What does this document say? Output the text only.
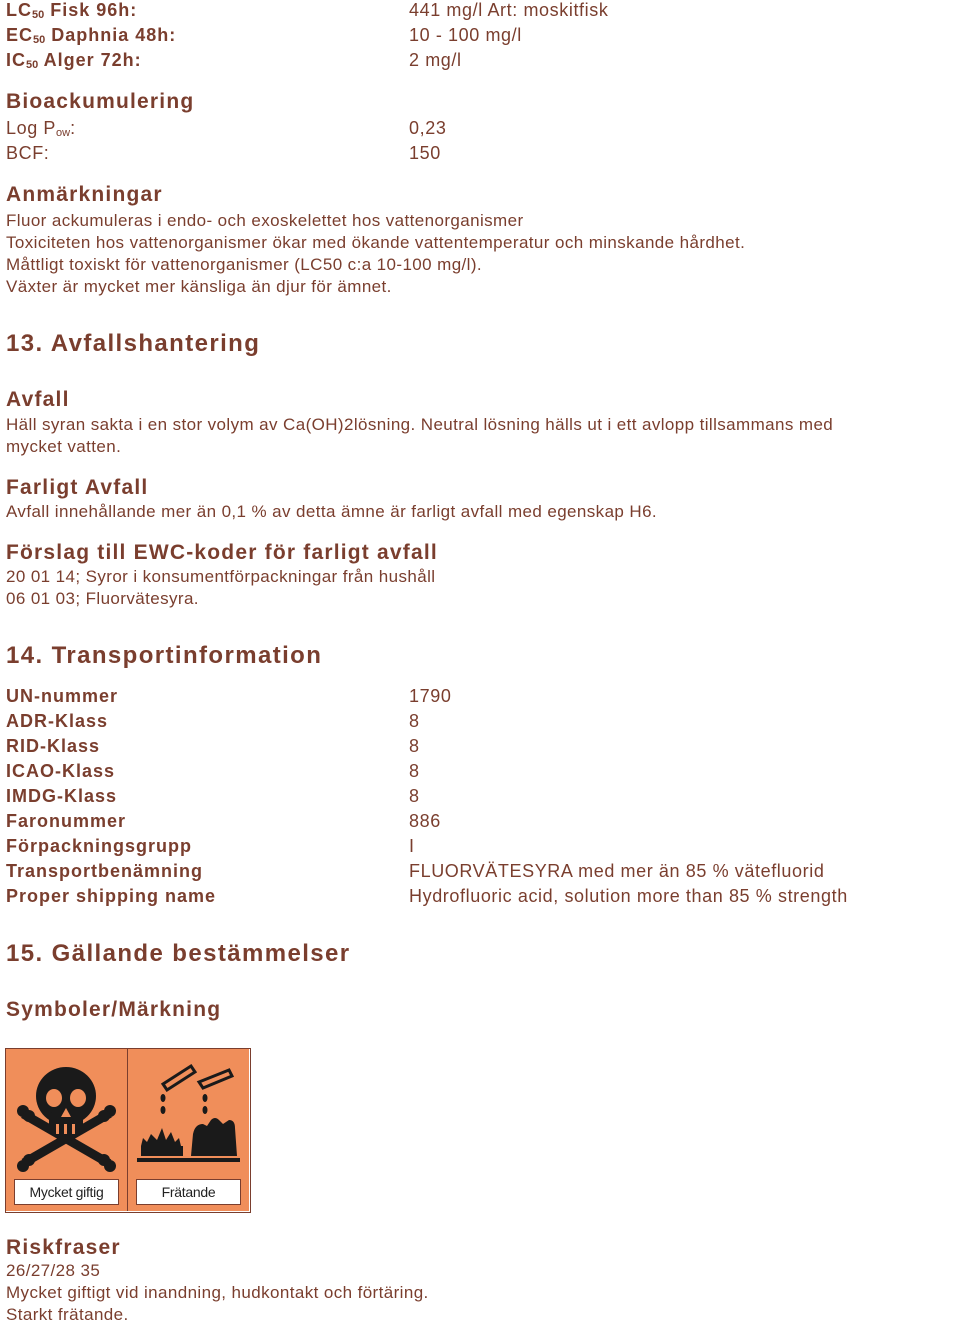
$LC_{50}$ Fisk 96h:	441 mg/l Art: moskitfisk
$EC_{50}$ Daphnia 48h:	10 - 100 mg/l
$IC_{50}$ Alger 72h:	2 mg/l
Bioackumulering
Log $P_{ow}$:	0,23
BCF:	150
Anmärkningar
Fluor ackumuleras i endo- och exoskelettet hos vattenorganismer
Toxiciteten hos vattenorganismer ökar med ökande vattentemperatur och minskande hårdhet.
Måttligt toxiskt för vattenorganismer (LC50 c:a 10-100 mg/l).
Växter är mycket mer känsliga än djur för ämnet.
13. Avfallshantering
Avfall
Häll syran sakta i en stor volym av Ca(OH)2lösning. Neutral lösning hälls ut i ett avlopp tillsammans med
mycket vatten.
Farligt Avfall
Avfall innehållande mer än 0,1 % av detta ämne är farligt avfall med egenskap H6.
Förslag till EWC-koder för farligt avfall
20 01 14; Syror i konsumentförpackningar från hushåll
06 01 03; Fluorvätesyra.
14. Transportinformation
UN-nummer	1790
ADR-Klass	8
RID-Klass	8
ICAO-Klass	8
IMDG-Klass	8
Faronummer	886
Förpackningsgrupp	I
Transportbenämning	FLUORVÄTESYRA med mer än 85 % vätefluorid
Proper shipping name	Hydrofluoric acid, solution more than 85 % strength
15. Gällande bestämmelser
Symboler/Märkning
Mycket giftig	Frätande
Riskfraser
26/27/28 35
Mycket giftigt vid inandning, hudkontakt och förtäring.
Starkt frätande.
